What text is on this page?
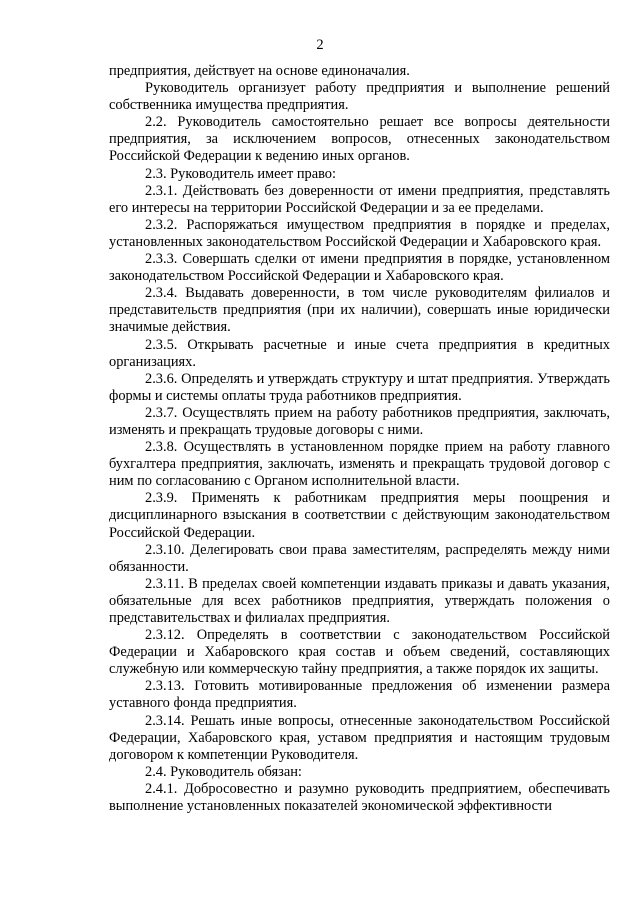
2

предприятия, действует на основе единоначалия.

Руководитель организует работу предприятия и выполнение решений собственника имущества предприятия.

2.2. Руководитель самостоятельно решает все вопросы деятельности предприятия, за исключением вопросов, отнесенных законодательством Российской Федерации к ведению иных органов.

2.3. Руководитель имеет право:

2.3.1. Действовать без доверенности от имени предприятия, представлять его интересы на территории Российской Федерации и за ее пределами.

2.3.2. Распоряжаться имуществом предприятия в порядке и пределах, установленных законодательством Российской Федерации и Хабаровского края.

2.3.3. Совершать сделки от имени предприятия в порядке, установленном законодательством Российской Федерации и Хабаровского края.

2.3.4. Выдавать доверенности, в том числе руководителям филиалов и представительств предприятия (при их наличии), совершать иные юридически значимые действия.

2.3.5. Открывать расчетные и иные счета предприятия в кредитных организациях.

2.3.6. Определять и утверждать структуру и штат предприятия. Утверждать формы и системы оплаты труда работников предприятия.

2.3.7. Осуществлять прием на работу работников предприятия, заключать, изменять и прекращать трудовые договоры с ними.

2.3.8. Осуществлять в установленном порядке прием на работу главного бухгалтера предприятия, заключать, изменять и прекращать трудовой договор с ним по согласованию с Органом исполнительной власти.

2.3.9. Применять к работникам предприятия меры поощрения и дисциплинарного взыскания в соответствии с действующим законодательством Российской Федерации.

2.3.10. Делегировать свои права заместителям, распределять между ними обязанности.

2.3.11. В пределах своей компетенции издавать приказы и давать указания, обязательные для всех работников предприятия, утверждать положения о представительствах и филиалах предприятия.

2.3.12. Определять в соответствии с законодательством Российской Федерации и Хабаровского края состав и объем сведений, составляющих служебную или коммерческую тайну предприятия, а также порядок их защиты.

2.3.13. Готовить мотивированные предложения об изменении размера уставного фонда предприятия.

2.3.14. Решать иные вопросы, отнесенные законодательством Российской Федерации, Хабаровского края, уставом предприятия и настоящим трудовым договором к компетенции Руководителя.

2.4. Руководитель обязан:

2.4.1. Добросовестно и разумно руководить предприятием, обеспечивать выполнение установленных показателей экономической эффективности
